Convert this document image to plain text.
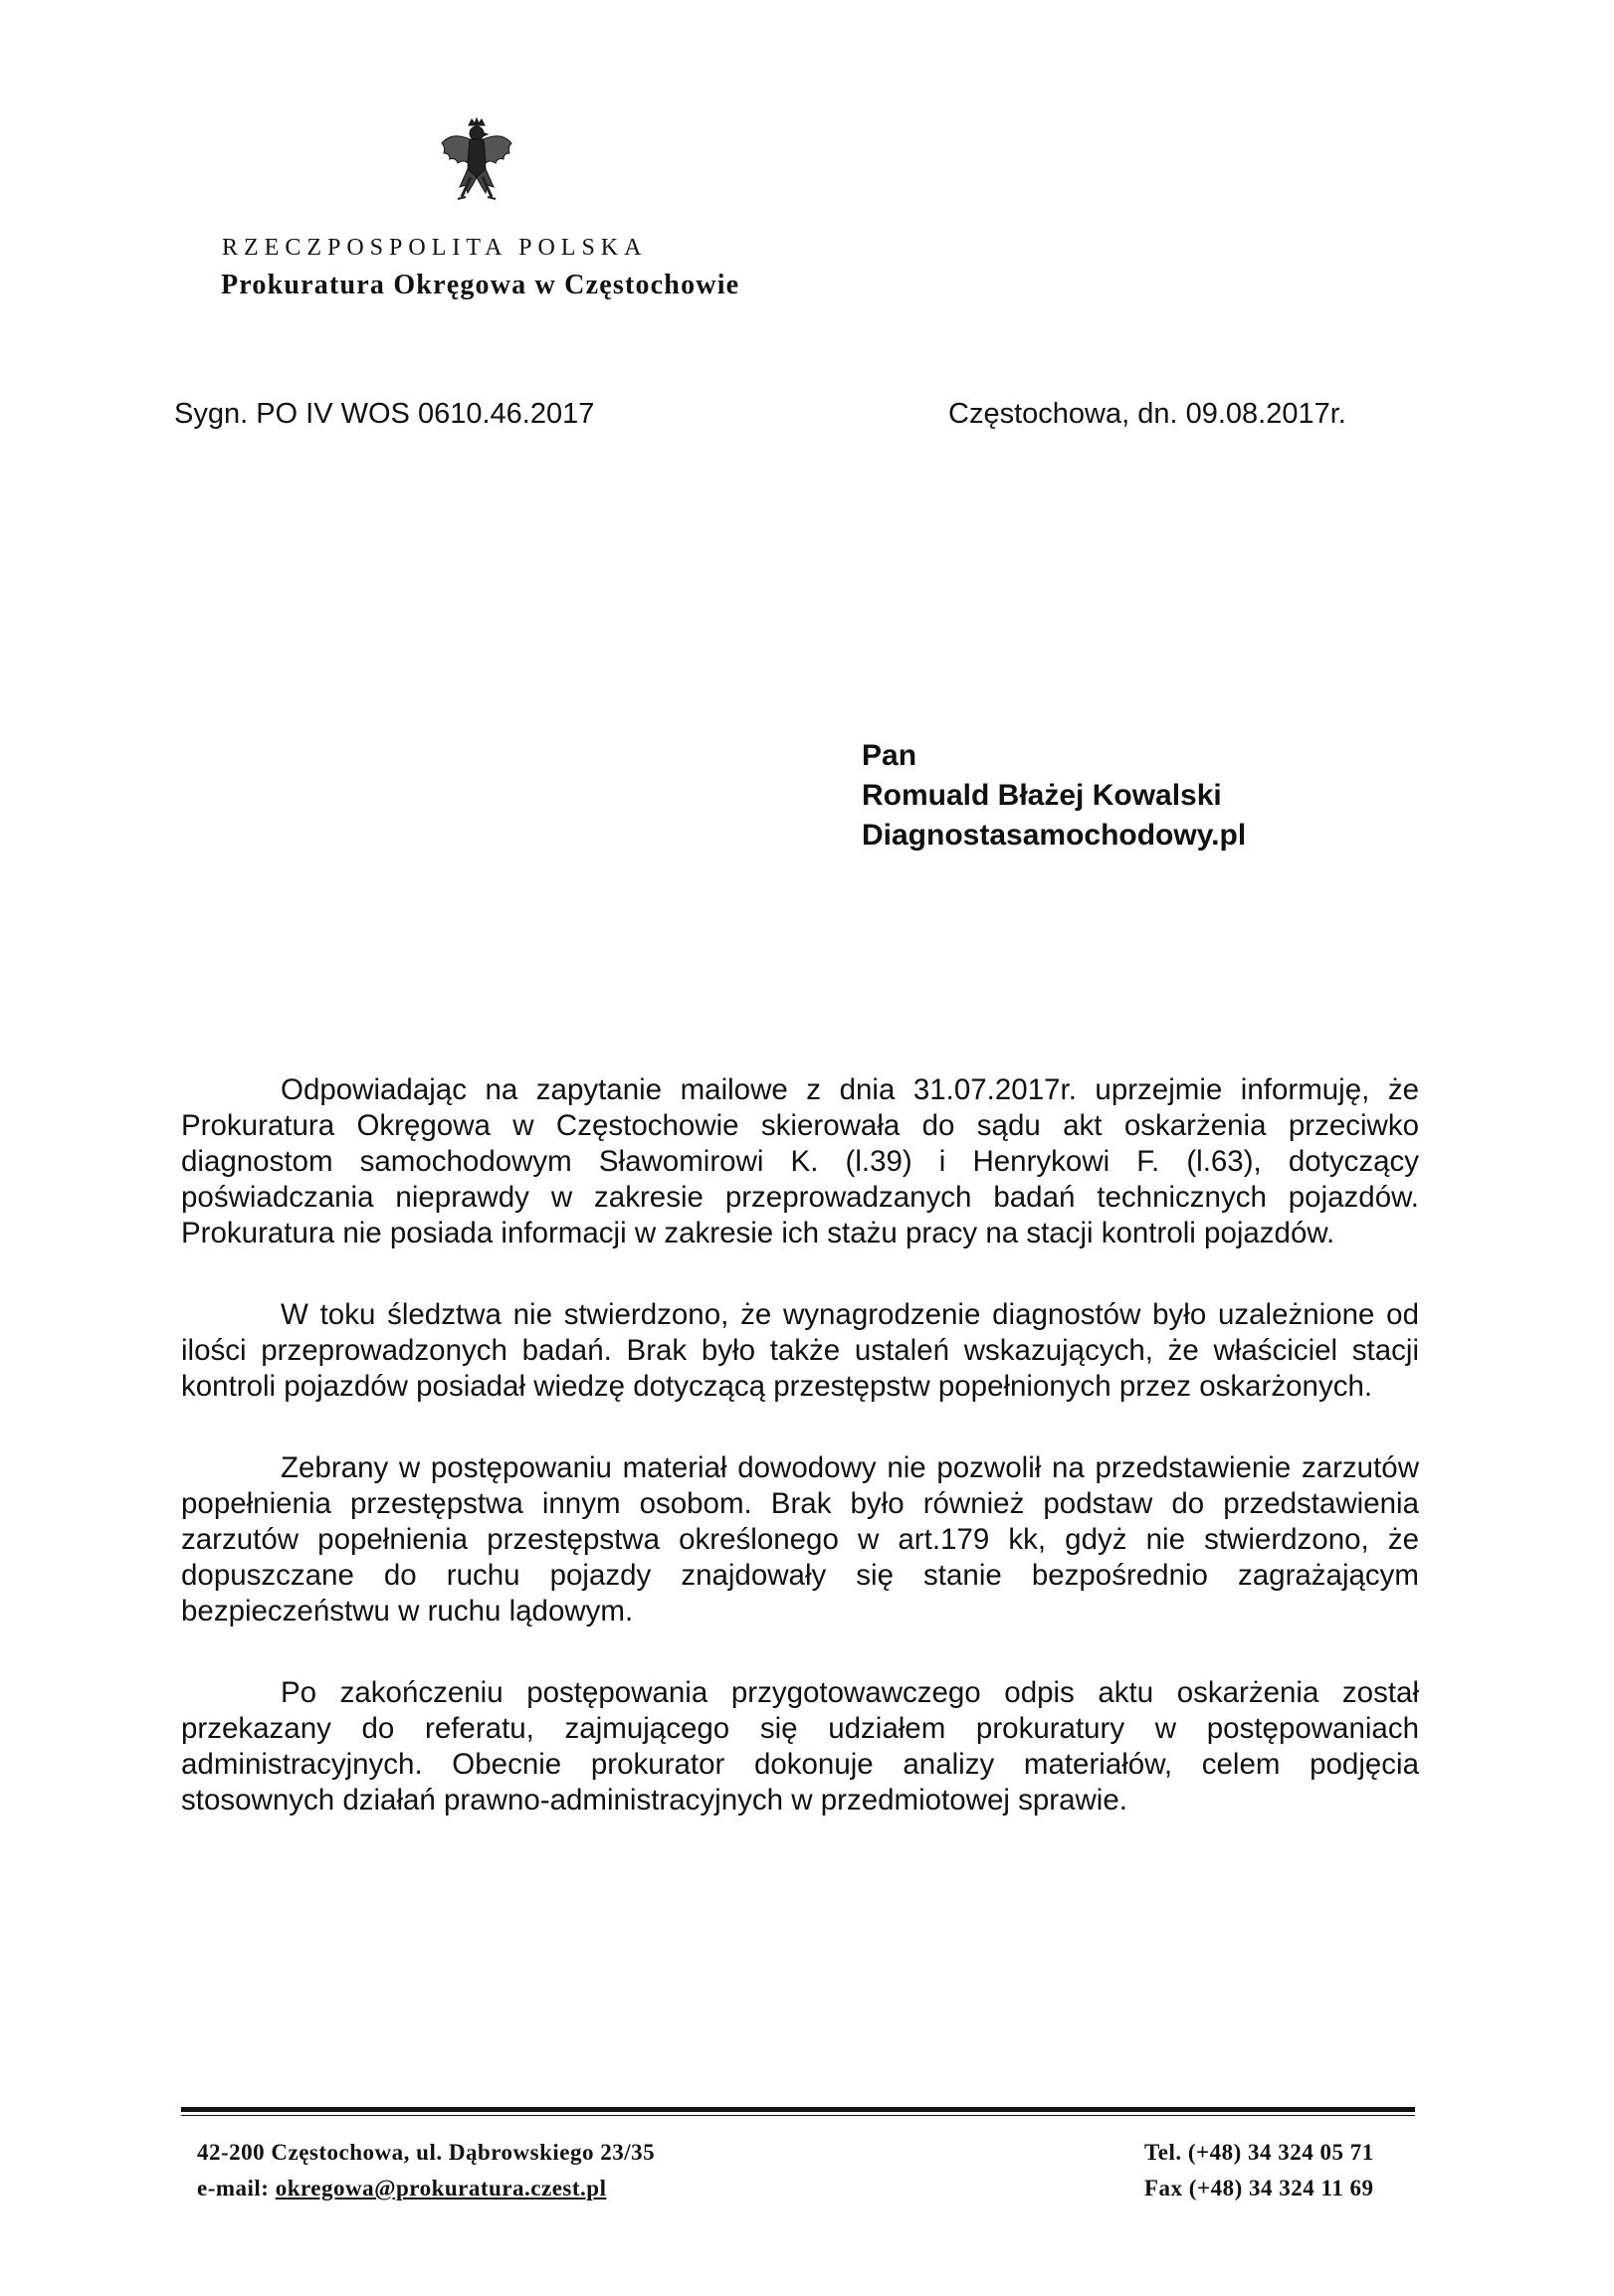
RZECZPOSPOLITA POLSKA
Prokuratura Okręgowa w Częstochowie
Sygn. PO IV WOS 0610.46.2017	Częstochowa, dn. 09.08.2017r.
Pan
Romuald Błażej Kowalski
Diagnostasamochodowy.pl

Odpowiadając na zapytanie mailowe z dnia 31.07.2017r. uprzejmie informuję, że Prokuratura Okręgowa w Częstochowie skierowała do sądu akt oskarżenia przeciwko diagnostom samochodowym Sławomirowi K. (l.39) i Henrykowi F. (l.63), dotyczący poświadczania nieprawdy w zakresie przeprowadzanych badań technicznych pojazdów. Prokuratura nie posiada informacji w zakresie ich stażu pracy na stacji kontroli pojazdów.

W toku śledztwa nie stwierdzono, że wynagrodzenie diagnostów było uzależnione od ilości przeprowadzonych badań. Brak było także ustaleń wskazujących, że właściciel stacji kontroli pojazdów posiadał wiedzę dotyczącą przestępstw popełnionych przez oskarżonych.

Zebrany w postępowaniu materiał dowodowy nie pozwolił na przedstawienie zarzutów popełnienia przestępstwa innym osobom. Brak było również podstaw do przedstawienia zarzutów popełnienia przestępstwa określonego w art.179 kk, gdyż nie stwierdzono, że dopuszczane do ruchu pojazdy znajdowały się stanie bezpośrednio zagrażającym bezpieczeństwu w ruchu lądowym.

Po zakończeniu postępowania przygotowawczego odpis aktu oskarżenia został przekazany do referatu, zajmującego się udziałem prokuratury w postępowaniach administracyjnych. Obecnie prokurator dokonuje analizy materiałów, celem podjęcia stosownych działań prawno-administracyjnych w przedmiotowej sprawie.

42-200 Częstochowa, ul. Dąbrowskiego 23/35
e-mail: okregowa@prokuratura.czest.pl
Tel. (+48) 34 324 05 71
Fax (+48) 34 324 11 69
